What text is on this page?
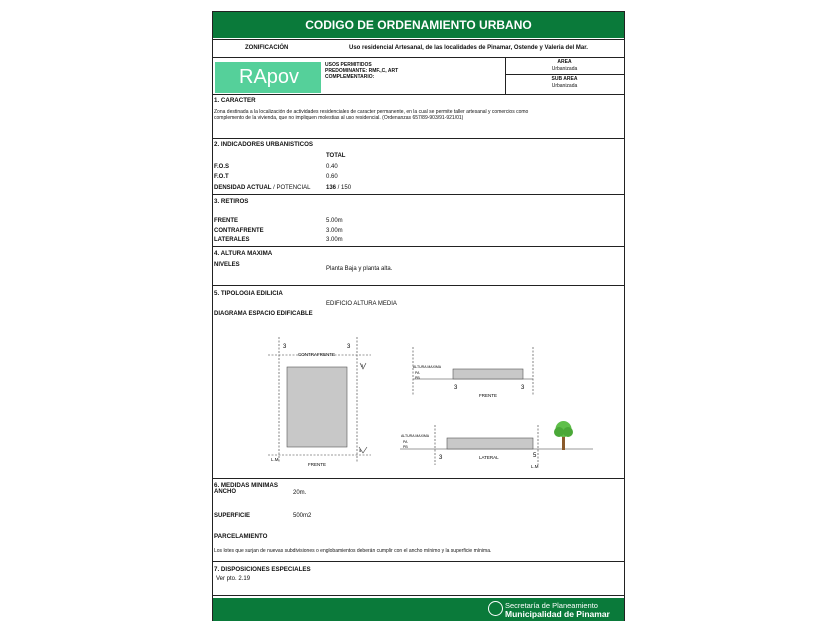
CODIGO DE ORDENAMIENTO URBANO
ZONIFICACIÓN	Uso residencial Artesanal, de las localidades de Pinamar, Ostende y Valeria del Mar.
RApov
USOS PERMITIDOS
PREDOMINANTE: RMF.,C, ART
COMPLEMENTARIO:
AREA
Urbanizada
SUB AREA
Urbanizada
1. CARACTER
Zona destinada a la localización de actividades residenciales de caracter permanente, en la cual se permite taller artesanal y comercios como
complemento de la vivienda, que no impliquen molestias al uso residencial. (Ordenanzas 657/89-903/91-921/01)
2. INDICADORES URBANISTICOS
TOTAL
F.O.S	0.40
F.O.T	0.60
DENSIDAD ACTUAL / POTENCIAL	136 / 150
3. RETIROS
FRENTE	5.00m
CONTRAFRENTE	3.00m
LATERALES	3.00m
4. ALTURA MAXIMA
NIVELES
Planta Baja y planta alta.
5. TIPOLOGIA EDILICIA
EDIFICIO ALTURA MEDIA
DIAGRAMA ESPACIO EDIFICABLE
3	3
CONTRAFRENTE
3
FRENTE
L.M
5
ALTURA MAXIMA
PA
PB
3	3
FRENTE
ALTURA MAXIMA
PA
PB
3	5
LATERAL
L.M
6. MEDIDAS MINIMAS
ANCHO	20m.
SUPERFICIE	500m2
PARCELAMIENTO
Los lotes que surjan de nuevas subdivisiones o englobamientos deberán cumplir con el ancho mínimo y la superficie mínima.
7. DISPOSICIONES ESPECIALES
Ver pto. 2.19
Secretaría de Planeamiento
Municipalidad de Pinamar
